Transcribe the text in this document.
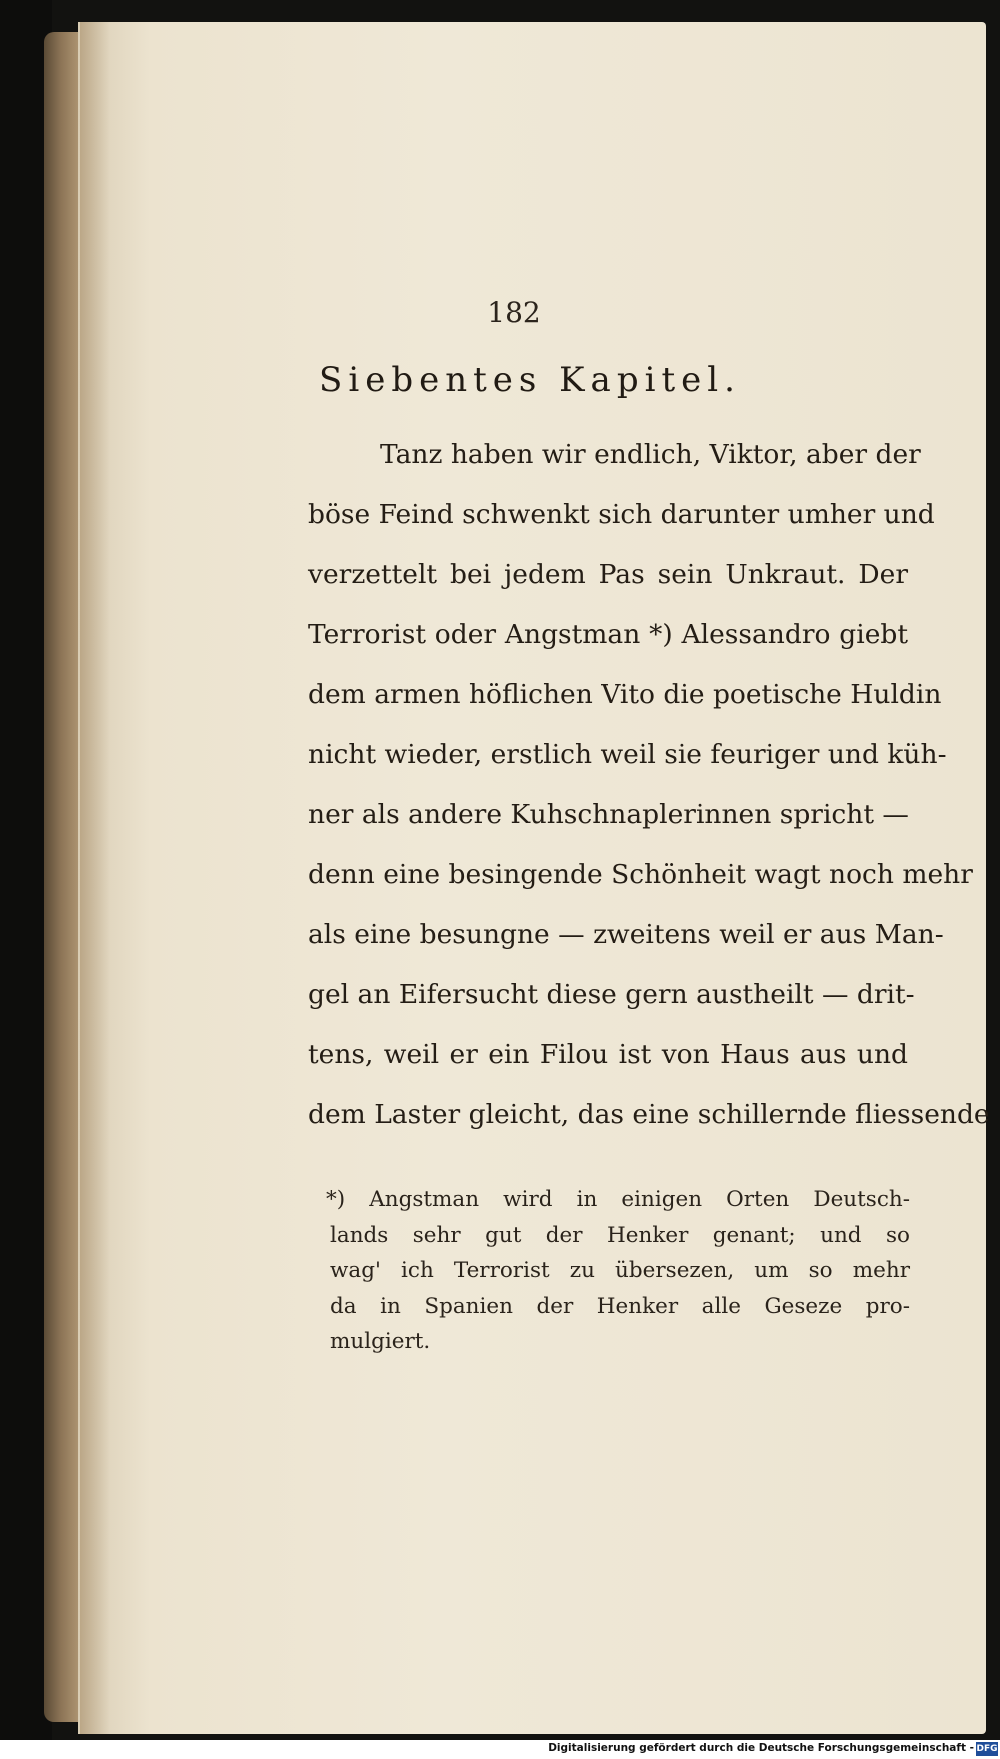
182
Siebentes Kapitel.
Tanz haben wir endlich, Viktor, aber der
böse Feind schwenkt sich darunter umher und
verzettelt bei jedem Pas sein Unkraut. Der
Terrorist oder Angstman *) Alessandro giebt
dem armen höflichen Vito die poetische Huldin
nicht wieder, erstlich weil sie feuriger und küh-
ner als andere Kuhschnaplerinnen spricht —
denn eine besingende Schönheit wagt noch mehr
als eine besungne — zweitens weil er aus Man-
gel an Eifersucht diese gern austheilt — drit-
tens, weil er ein Filou ist von Haus aus und
dem Laster gleicht, das eine schillernde fliessende
*) Angstman wird in einigen Orten Deutsch-
lands sehr gut der Henker genant; und so
wag' ich Terrorist zu übersezen, um so mehr
da in Spanien der Henker alle Geseze pro-
mulgiert.
Digitalisierung gefördert durch die Deutsche Forschungsgemeinschaft - DFG
